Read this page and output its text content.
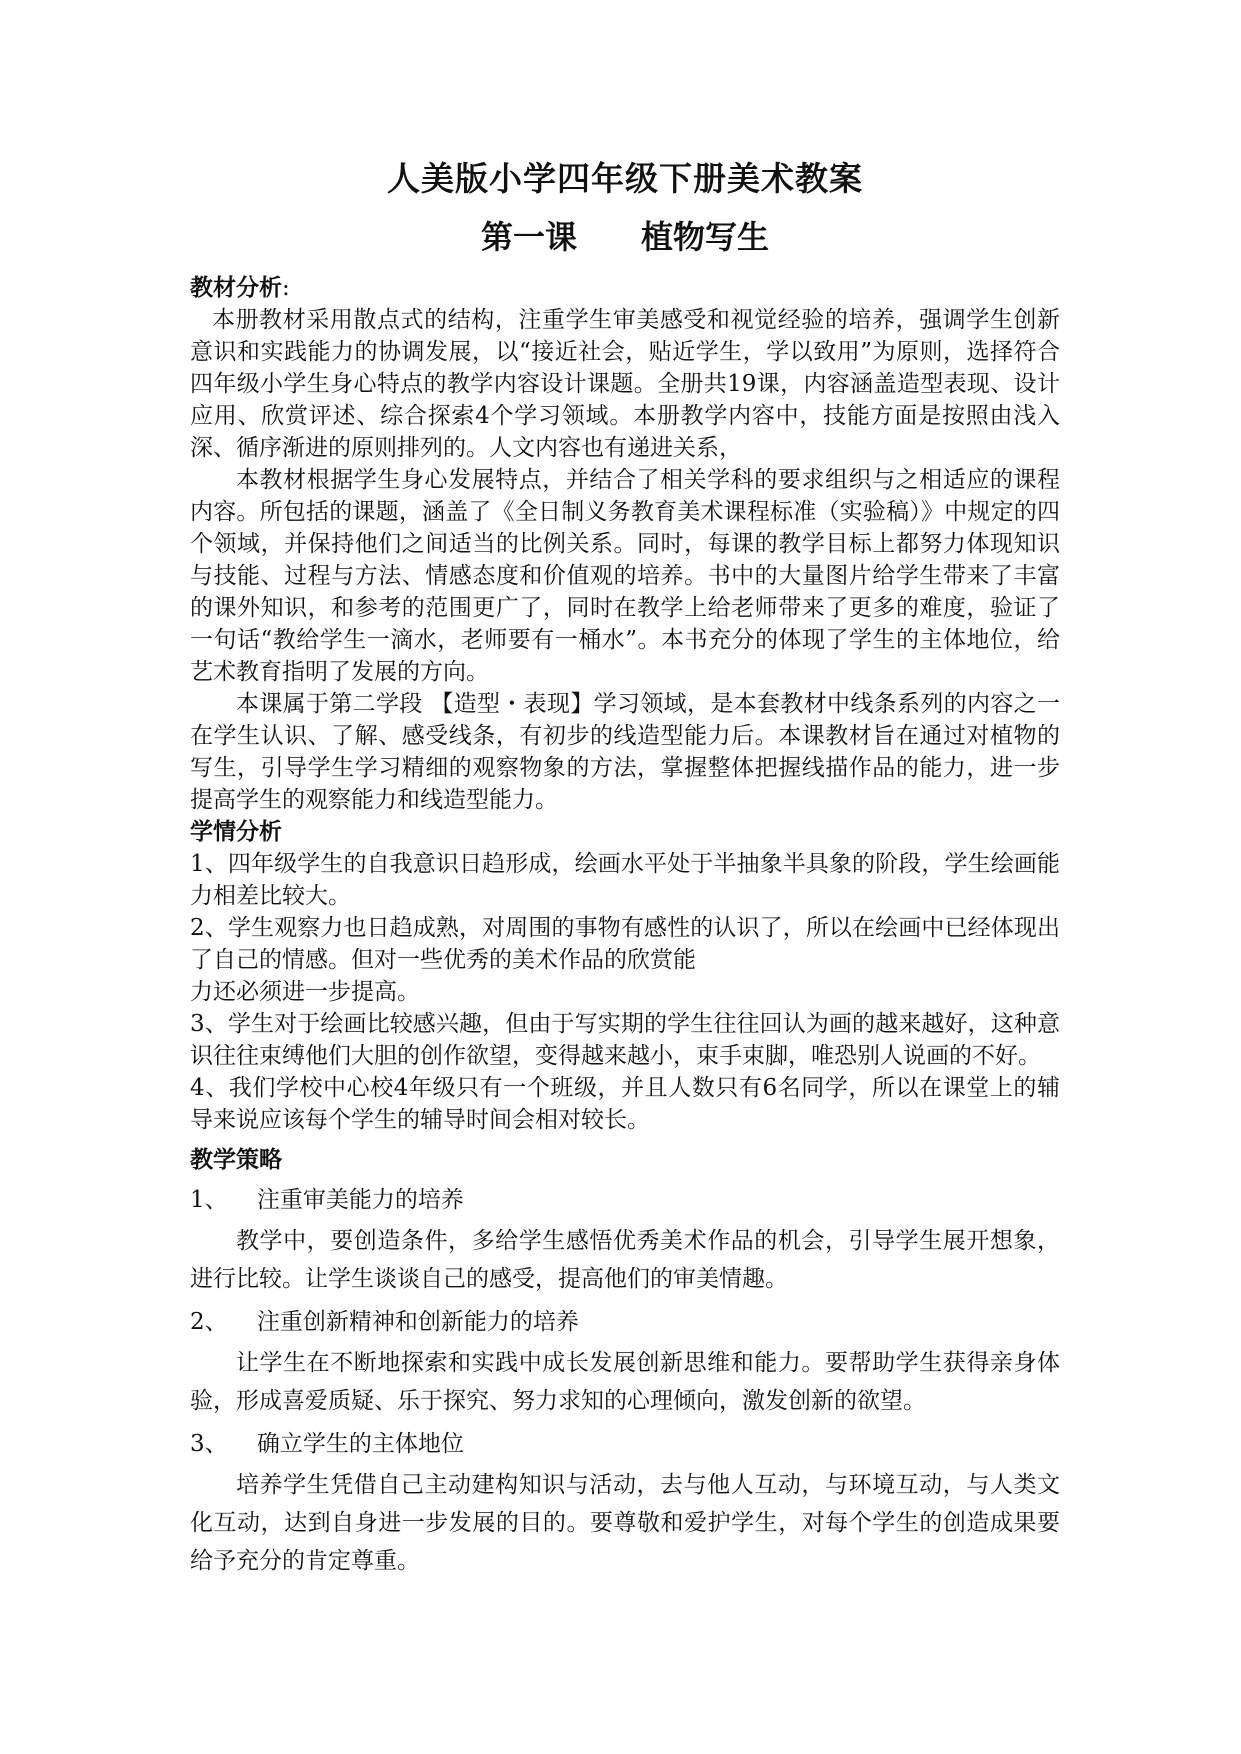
人美版小学四年级下册美术教案
第一课　　植物写生
教材分析:

本册教材采用散点式的结构，注重学生审美感受和视觉经验的培养，强调学生创新意识和实践能力的协调发展，以“接近社会，贴近学生，学以致用”为原则，选择符合四年级小学生身心特点的教学内容设计课题。全册共19课，内容涵盖造型表现、设计应用、欣赏评述、综合探索4个学习领域。本册教学内容中，技能方面是按照由浅入深、循序渐进的原则排列的。人文内容也有递进关系，

本教材根据学生身心发展特点，并结合了相关学科的要求组织与之相适应的课程内容。所包括的课题，涵盖了《全日制义务教育美术课程标准（实验稿）》中规定的四个领域，并保持他们之间适当的比例关系。同时，每课的教学目标上都努力体现知识与技能、过程与方法、情感态度和价值观的培养。书中的大量图片给学生带来了丰富的课外知识，和参考的范围更广了，同时在教学上给老师带来了更多的难度，验证了一句话“教给学生一滴水，老师要有一桶水”。本书充分的体现了学生的主体地位，给艺术教育指明了发展的方向。

本课属于第二学段 【造型・表现】学习领域，是本套教材中线条系列的内容之一在学生认识、了解、感受线条，有初步的线造型能力后。本课教材旨在通过对植物的写生，引导学生学习精细的观察物象的方法，掌握整体把握线描作品的能力，进一步提高学生的观察能力和线造型能力。

学情分析

1、四年级学生的自我意识日趋形成，绘画水平处于半抽象半具象的阶段，学生绘画能力相差比较大。

2、学生观察力也日趋成熟，对周围的事物有感性的认识了，所以在绘画中已经体现出了自己的情感。但对一些优秀的美术作品的欣赏能

力还必须进一步提高。

3、学生对于绘画比较感兴趣，但由于写实期的学生往往回认为画的越来越好，这种意识往往束缚他们大胆的创作欲望，变得越来越小，束手束脚，唯恐别人说画的不好。

4、我们学校中心校4年级只有一个班级，并且人数只有6名同学，所以在课堂上的辅导来说应该每个学生的辅导时间会相对较长。

教学策略
1、 注重审美能力的培养

教学中，要创造条件，多给学生感悟优秀美术作品的机会，引导学生展开想象，进行比较。让学生谈谈自己的感受，提高他们的审美情趣。

2、 注重创新精神和创新能力的培养

让学生在不断地探索和实践中成长发展创新思维和能力。要帮助学生获得亲身体验，形成喜爱质疑、乐于探究、努力求知的心理倾向，激发创新的欲望。

3、 确立学生的主体地位

培养学生凭借自己主动建构知识与活动，去与他人互动，与环境互动，与人类文化互动，达到自身进一步发展的目的。要尊敬和爱护学生，对每个学生的创造成果要给予充分的肯定尊重。
